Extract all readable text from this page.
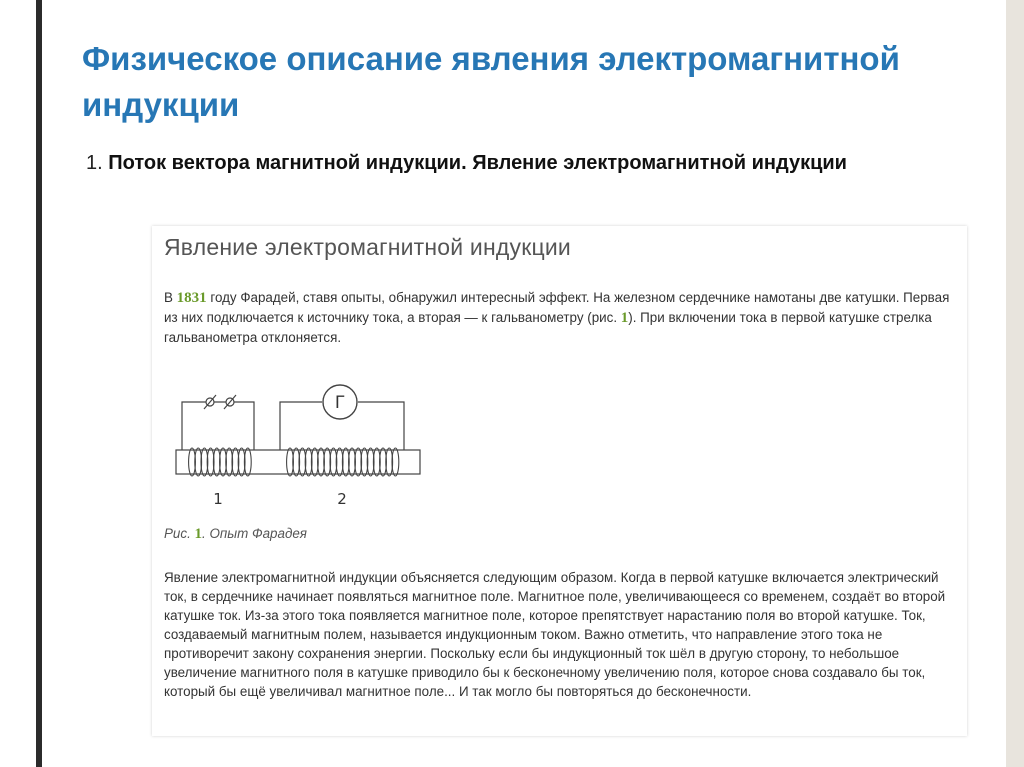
Физическое описание явления электромагнитной индукции
1. Поток вектора магнитной индукции. Явление электромагнитной индукции
Явление электромагнитной индукции

В 1831 году Фарадей, ставя опыты, обнаружил интересный эффект. На железном сердечнике намотаны две катушки. Первая из них подключается к источнику тока, а вторая — к гальванометру (рис. 1). При включении тока в первой катушке стрелка гальванометра отклоняется.

Г
1	2
Рис. 1. Опыт Фарадея

Явление электромагнитной индукции объясняется следующим образом. Когда в первой катушке включается электрический ток, в сердечнике начинает появляться магнитное поле. Магнитное поле, увеличивающееся со временем, создаёт во второй катушке ток. Из-за этого тока появляется магнитное поле, которое препятствует нарастанию поля во второй катушке. Ток, создаваемый магнитным полем, называется индукционным током. Важно отметить, что направление этого тока не противоречит закону сохранения энергии. Поскольку если бы индукционный ток шёл в другую сторону, то небольшое увеличение магнитного поля в катушке приводило бы к бесконечному увеличению поля, которое снова создавало бы ток, который бы ещё увеличивал магнитное поле... И так могло бы повторяться до бесконечности.
